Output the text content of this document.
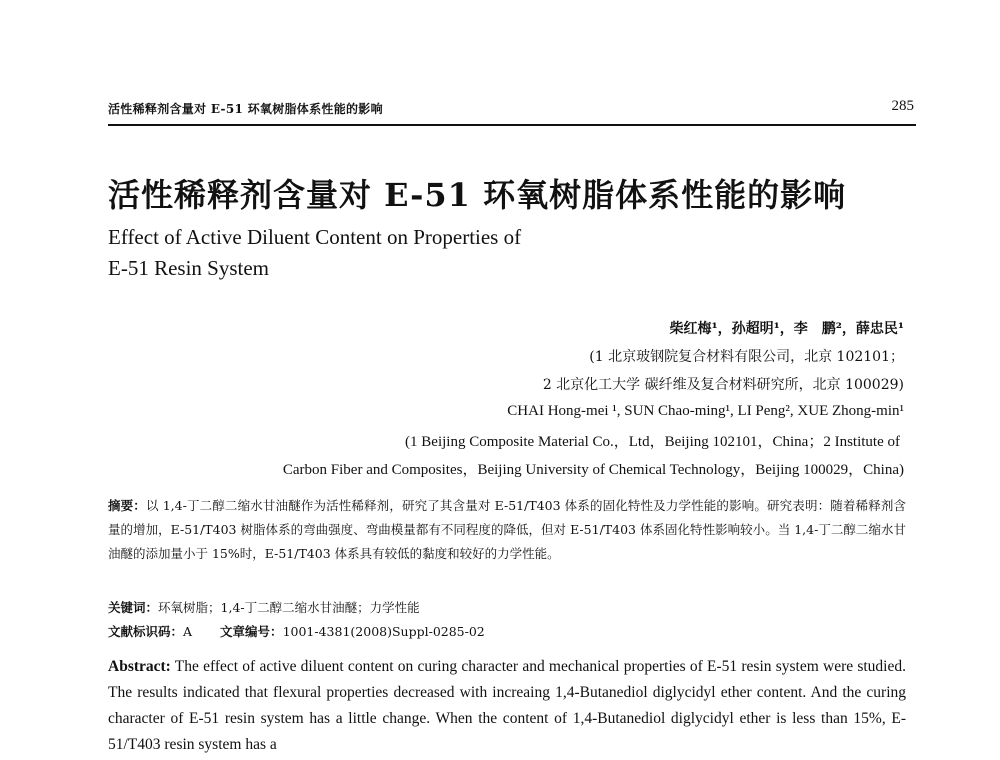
活性稀释剂含量对 E-51 环氧树脂体系性能的影响	285
活性稀释剂含量对 E-51 环氧树脂体系性能的影响
Effect of Active Diluent Content on Properties of
E-51 Resin System
柴红梅¹，孙超明¹，李　鹏²，薛忠民¹
(1 北京玻钢院复合材料有限公司，北京 102101；
2 北京化工大学 碳纤维及复合材料研究所，北京 100029)
CHAI Hong-mei ¹, SUN Chao-ming¹, LI Peng², XUE Zhong-min¹
(1 Beijing Composite Material Co.，Ltd，Beijing 102101，China；2 Institute of
Carbon Fiber and Composites，Beijing University of Chemical Technology，Beijing 100029，China)
摘要：以 1,4-丁二醇二缩水甘油醚作为活性稀释剂，研究了其含量对 E-51/T403 体系的固化特性及力学性能的影响。研究表明：随着稀释剂含量的增加，E-51/T403 树脂体系的弯曲强度、弯曲模量都有不同程度的降低，但对 E-51/T403 体系固化特性影响较小。当 1,4-丁二醇二缩水甘油醚的添加量小于 15%时，E-51/T403 体系具有较低的黏度和较好的力学性能。
关键词：环氧树脂；1,4-丁二醇二缩水甘油醚；力学性能
文献标识码：A 文章编号：1001-4381(2008)Suppl-0285-02
Abstract: The effect of active diluent content on curing character and mechanical properties of E-51 resin system were studied. The results indicated that flexural properties decreased with increaing 1,4-Butanediol diglycidyl ether content. And the curing character of E-51 resin system has a little change. When the content of 1,4-Butanediol diglycidyl ether is less than 15%, E-51/T403 resin system has a
